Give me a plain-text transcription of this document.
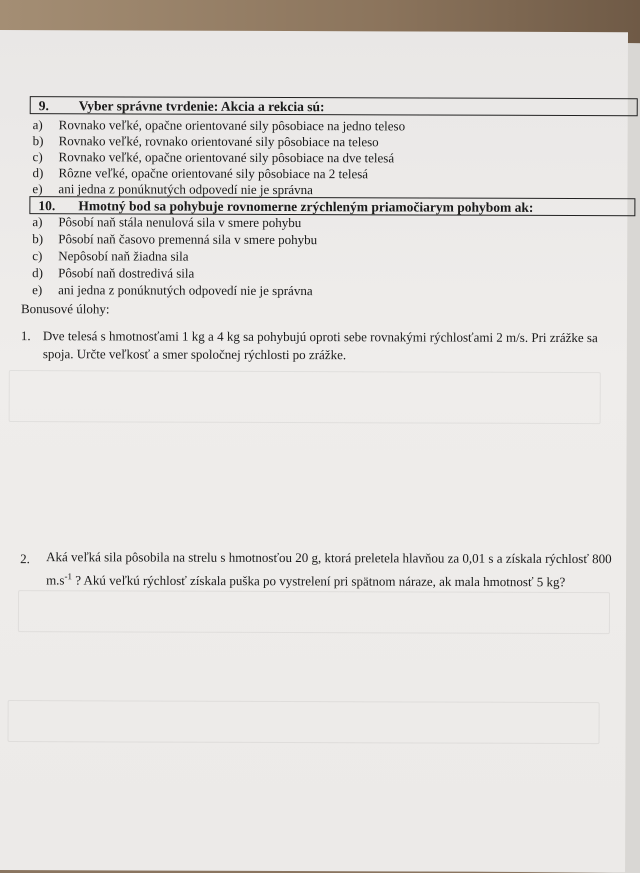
9. Vyber správne tvrdenie: Akcia a rekcia sú:
a) Rovnako veľké, opačne orientované sily pôsobiace na jedno teleso
b) Rovnako veľké, rovnako orientované sily pôsobiace na teleso
c) Rovnako veľké, opačne orientované sily pôsobiace na dve telesá
d) Rôzne veľké, opačne orientované sily pôsobiace na 2 telesá
e) ani jedna z ponúknutých odpovedí nie je správna
10. Hmotný bod sa pohybuje rovnomerne zrýchleným priamočiarym pohybom ak:
a) Pôsobí naň stála nenulová sila v smere pohybu
b) Pôsobí naň časovo premenná sila v smere pohybu
c) Nepôsobí naň žiadna sila
d) Pôsobí naň dostredivá sila
e) ani jedna z ponúknutých odpovedí nie je správna
Bonusové úlohy:
1. Dve telesá s hmotnosťami 1 kg a 4 kg sa pohybujú oproti sebe rovnakými rýchlosťami 2 m/s. Pri zrážke sa
spoja. Určte veľkosť a smer spoločnej rýchlosti po zrážke.
2. Aká veľká sila pôsobila na strelu s hmotnosťou 20 g, ktorá preletela hlavňou za 0,01 s a získala rýchlosť 800
$m.s^{-1}$ ? Akú veľkú rýchlosť získala puška po vystrelení pri spätnom náraze, ak mala hmotnosť 5 kg?
